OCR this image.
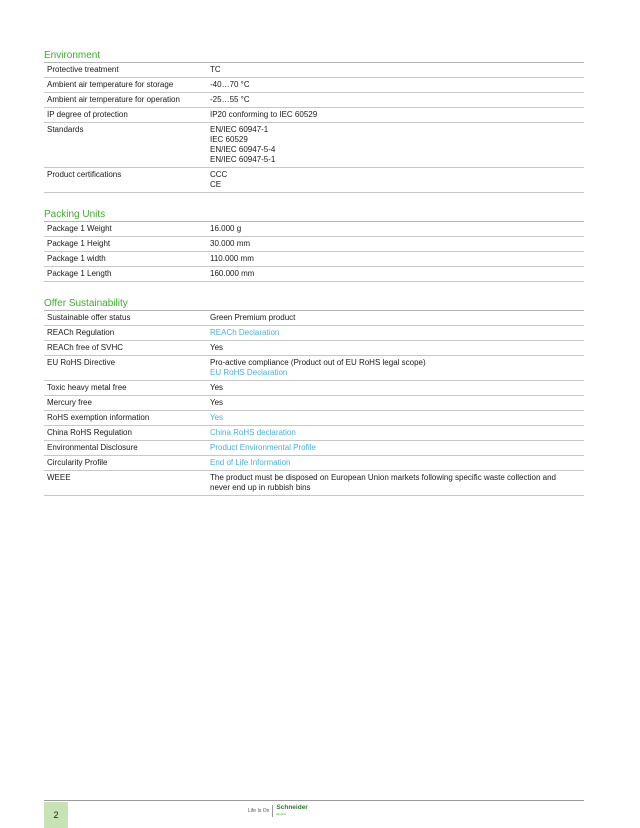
Environment
Protective treatment	TC

Ambient air temperature for storage	-40…70 °C

Ambient air temperature for operation	-25…55 °C

IP degree of protection	IP20 conforming to IEC 60529

Standards	EN/IEC 60947-1
IEC 60529
EN/IEC 60947-5-4
EN/IEC 60947-5-1

Product certifications	CCC
CE
Packing Units
Package 1 Weight	16.000 g

Package 1 Height	30.000 mm

Package 1 width	110.000 mm

Package 1 Length	160.000 mm
Offer Sustainability
Sustainable offer status	Green Premium product

REACh Regulation	REACh Declaration

REACh free of SVHC	Yes

EU RoHS Directive	Pro-active compliance (Product out of EU RoHS legal scope)
EU RoHS Declaration

Toxic heavy metal free	Yes

Mercury free	Yes

RoHS exemption information	Yes

China RoHS Regulation	China RoHS declaration

Environmental Disclosure	Product Environmental Profile

Circularity Profile	End of Life Information

WEEE	The product must be disposed on European Union markets following specific waste collection and
never end up in rubbish bins
2	Life Is On Schneider
Electric
